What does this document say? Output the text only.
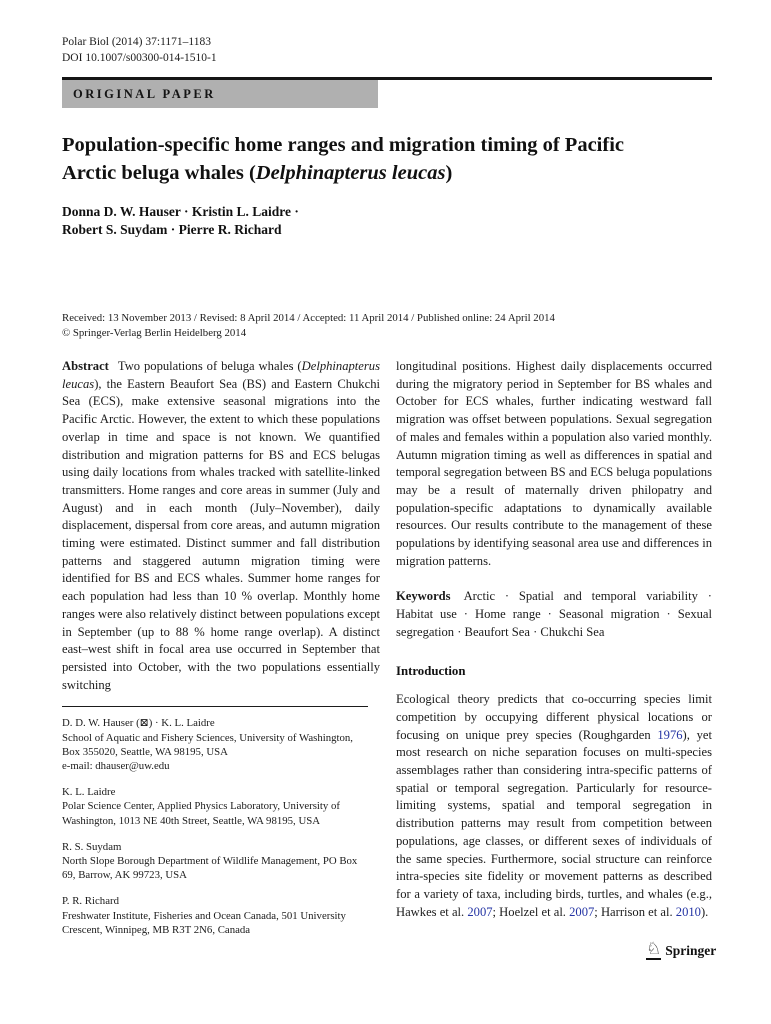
Polar Biol (2014) 37:1171–1183
DOI 10.1007/s00300-014-1510-1
ORIGINAL PAPER
Population-specific home ranges and migration timing of Pacific
Arctic beluga whales (Delphinapterus leucas)
Donna D. W. Hauser · Kristin L. Laidre ·
Robert S. Suydam · Pierre R. Richard
Received: 13 November 2013 / Revised: 8 April 2014 / Accepted: 11 April 2014 / Published online: 24 April 2014
© Springer-Verlag Berlin Heidelberg 2014

Abstract Two populations of beluga whales (Delphinapterus leucas), the Eastern Beaufort Sea (BS) and Eastern Chukchi Sea (ECS), make extensive seasonal migrations into the Pacific Arctic. However, the extent to which these populations overlap in time and space is not known. We quantified distribution and migration patterns for BS and ECS belugas using daily locations from whales tracked with satellite-linked transmitters. Home ranges and core areas in summer (July and August) and in each month (July–November), daily displacement, dispersal from core areas, and autumn migration timing were estimated. Distinct summer and fall distribution patterns and staggered autumn migration timing were identified for BS and ECS whales. Summer home ranges for each population had less than 10 % overlap. Monthly home ranges were also relatively distinct between populations except in September (up to 88 % home range overlap). A distinct east–west shift in focal area use occurred in September that persisted into October, with the two populations essentially switching

longitudinal positions. Highest daily displacements occurred during the migratory period in September for BS whales and October for ECS whales, further indicating westward fall migration was offset between populations. Sexual segregation of males and females within a population also varied monthly. Autumn migration timing as well as differences in spatial and temporal segregation between BS and ECS beluga populations may be a result of maternally driven philopatry and population-specific adaptations to dynamically available resources. Our results contribute to the management of these populations by identifying seasonal area use and differences in migration patterns.

Keywords Arctic · Spatial and temporal variability · Habitat use · Home range · Seasonal migration · Sexual segregation · Beaufort Sea · Chukchi Sea

Introduction

Ecological theory predicts that co-occurring species limit competition by occupying different physical locations or focusing on unique prey species (Roughgarden 1976), yet most research on niche separation focuses on multi-species assemblages rather than considering intra-specific patterns of spatial or temporal segregation. Particularly for resource-limiting systems, spatial and temporal segregation in distribution patterns may result from competition between populations, age classes, or different sexes of individuals of the same species. Furthermore, social structure can reinforce intra-species site fidelity or movement patterns as described for a variety of taxa, including birds, turtles, and whales (e.g., Hawkes et al. 2007; Hoelzel et al. 2007; Harrison et al. 2010).

D. D. W. Hauser (⊠) · K. L. Laidre
School of Aquatic and Fishery Sciences, University of Washington, Box 355020, Seattle, WA 98195, USA
e-mail: dhauser@uw.edu
K. L. Laidre
Polar Science Center, Applied Physics Laboratory, University of Washington, 1013 NE 40th Street, Seattle, WA 98195, USA
R. S. Suydam
North Slope Borough Department of Wildlife Management, PO Box 69, Barrow, AK 99723, USA
P. R. Richard
Freshwater Institute, Fisheries and Ocean Canada, 501 University Crescent, Winnipeg, MB R3T 2N6, Canada
♘ Springer
